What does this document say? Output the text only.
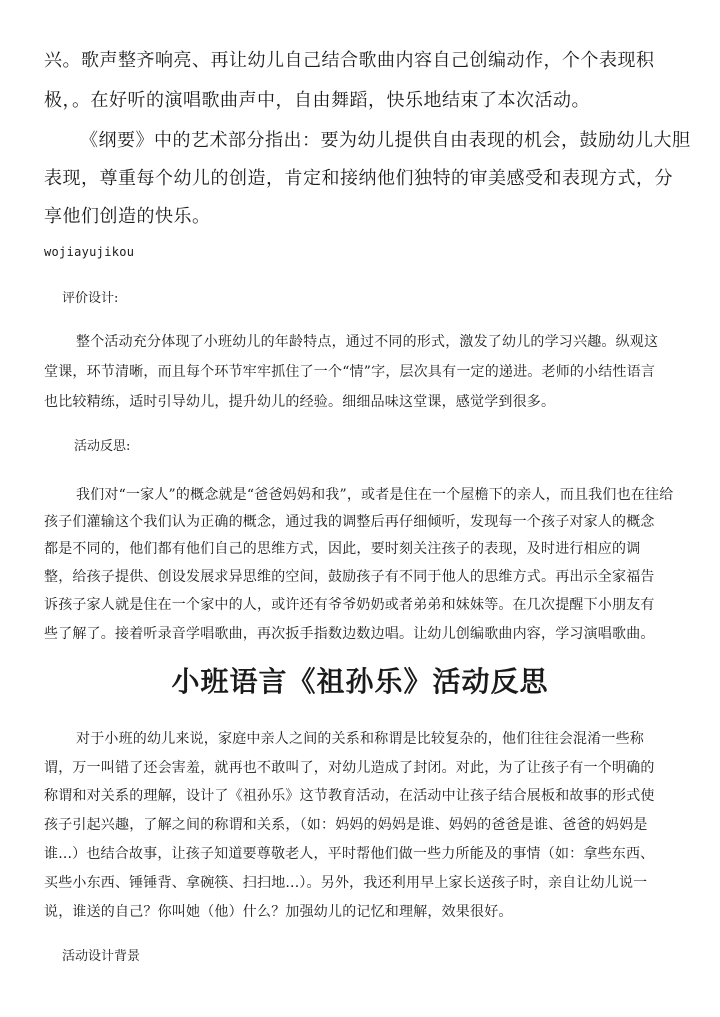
兴。歌声整齐响亮、再让幼儿自己结合歌曲内容自己创编动作，个个表现积

极，。在好听的演唱歌曲声中，自由舞蹈，快乐地结束了本次活动。

《纲要》中的艺术部分指出：要为幼儿提供自由表现的机会，鼓励幼儿大胆

表现，尊重每个幼儿的创造，肯定和接纳他们独特的审美感受和表现方式，分

享他们创造的快乐。

wojiayujikou

评价设计:

整个活动充分体现了小班幼儿的年龄特点，通过不同的形式，激发了幼儿的学习兴趣。纵观这

堂课，环节清晰，而且每个环节牢牢抓住了一个“情”字，层次具有一定的递进。老师的小结性语言

也比较精练，适时引导幼儿，提升幼儿的经验。细细品味这堂课，感觉学到很多。

活动反思:

我们对“一家人”的概念就是“爸爸妈妈和我”，或者是住在一个屋檐下的亲人，而且我们也在往给

孩子们灌输这个我们认为正确的概念，通过我的调整后再仔细倾听，发现每一个孩子对家人的概念

都是不同的，他们都有他们自己的思维方式，因此，要时刻关注孩子的表现，及时进行相应的调

整，给孩子提供、创设发展求异思维的空间，鼓励孩子有不同于他人的思维方式。再出示全家福告

诉孩子家人就是住在一个家中的人，或许还有爷爷奶奶或者弟弟和妹妹等。在几次提醒下小朋友有

些了解了。接着听录音学唱歌曲，再次扳手指数边数边唱。让幼儿创编歌曲内容，学习演唱歌曲。

小班语言《祖孙乐》活动反思

对于小班的幼儿来说，家庭中亲人之间的关系和称谓是比较复杂的，他们往往会混淆一些称

谓，万一叫错了还会害羞，就再也不敢叫了，对幼儿造成了封闭。对此，为了让孩子有一个明确的

称谓和对关系的理解，设计了《祖孙乐》这节教育活动，在活动中让孩子结合展板和故事的形式使

孩子引起兴趣，了解之间的称谓和关系，（如：妈妈的妈妈是谁、妈妈的爸爸是谁、爸爸的妈妈是

谁...）也结合故事，让孩子知道要尊敬老人，平时帮他们做一些力所能及的事情（如：拿些东西、

买些小东西、锤锤背、拿碗筷、扫扫地...）。另外，我还利用早上家长送孩子时，亲自让幼儿说一

说，谁送的自己？你叫她（他）什么？加强幼儿的记忆和理解，效果很好。

活动设计背景
